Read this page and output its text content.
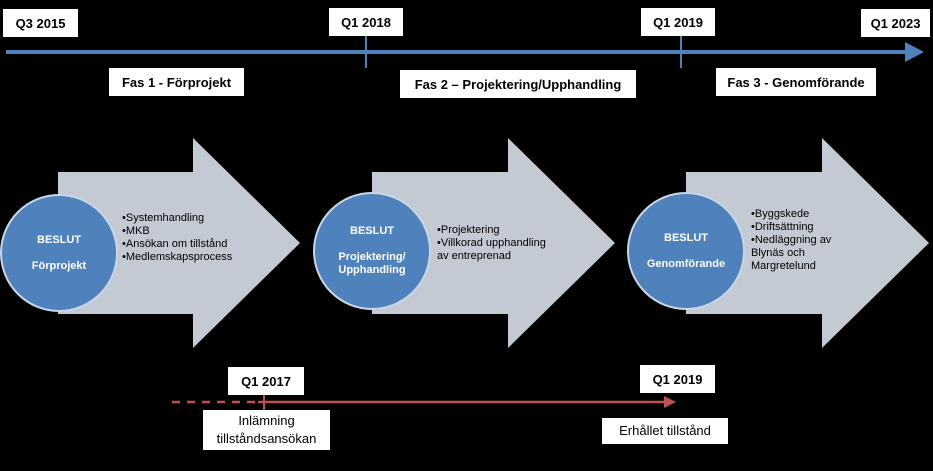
Q3 2015	Q1 2018	Q1 2019	Q1 2023
Fas 1 - Förprojekt	Fas 2 – Projektering/Upphandling	Fas 3 - Genomförande
BESLUT
Förprojekt
BESLUT
Projektering/ Upphandling
BESLUT
Genomförande
• Systemhandling
• MKB
• Ansökan om tillstånd
• Medlemskapsprocess
• Projektering
• Villkorad upphandling av entreprenad
• Byggskede
• Driftsättning
• Nedläggning av Blynäs och Margretelund
Q1 2017	Q1 2019
Inlämning tillståndsansökan
Erhållet tillstånd
